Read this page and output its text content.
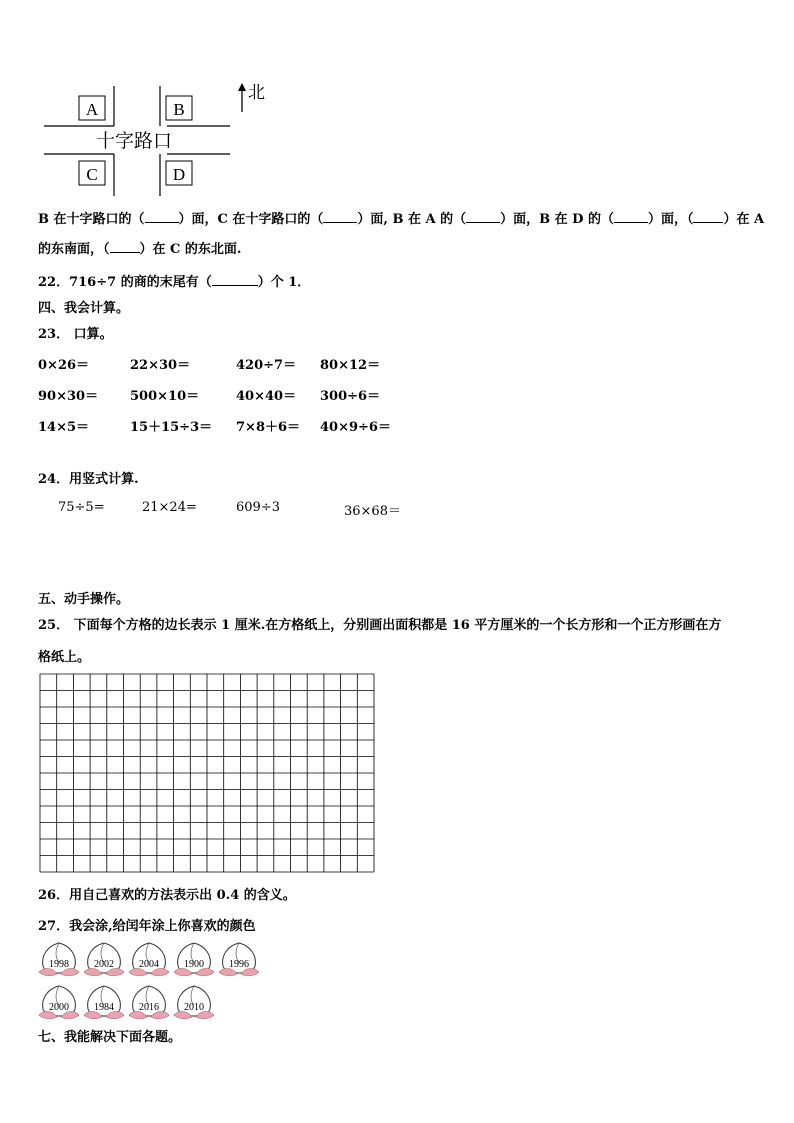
A	B
C	D
十字路口
北
B 在十字路口的（	）面，C 在十字路口的（	）面, B 在 A 的（	）面，B 在 D 的（	）面，（ ）在 A
的东南面，（ ）在 C 的东北面.
22．716÷7 的商的末尾有（	）个 1．
四、我会计算。
23． 口算。
0×26＝	22×30＝	420÷7＝ 80×12＝
90×30＝ 500×10＝	40×40＝ 300÷6＝
14×5＝	15＋15÷3＝ 7×8＋6＝ 40×9÷6＝
24．用竖式计算.
75÷5=	21×24=	609÷3	36×68＝
五、动手操作。
25． 下面每个方格的边长表示 1 厘米.在方格纸上，分别画出面积都是 16 平方厘米的一个长方形和一个正方形画在方
格纸上。
26．用自己喜欢的方法表示出 0.4 的含义。
27．我会涂,给闰年涂上你喜欢的颜色
七、我能解决下面各题。
1998	2002	2004	1900	1996
2000	1984	2016	2010
